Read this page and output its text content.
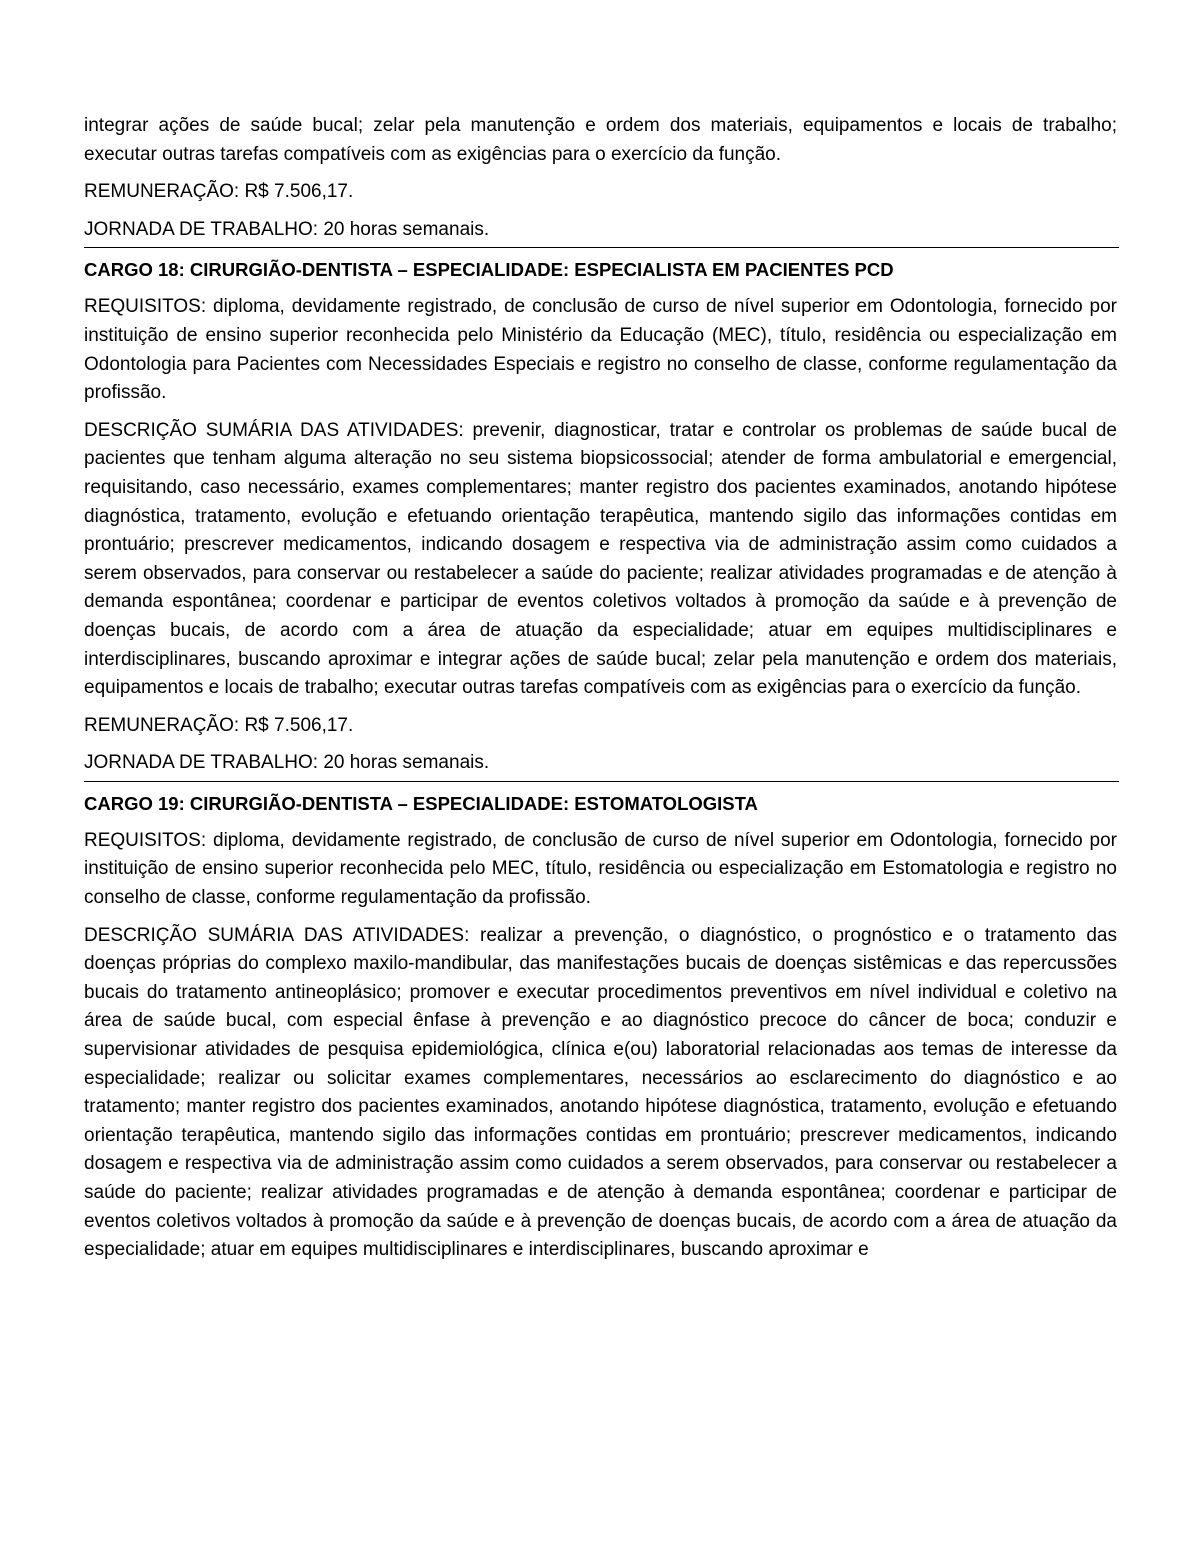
integrar ações de saúde bucal; zelar pela manutenção e ordem dos materiais, equipamentos e locais de trabalho; executar outras tarefas compatíveis com as exigências para o exercício da função.

REMUNERAÇÃO: R$ 7.506,17.

JORNADA DE TRABALHO: 20 horas semanais.

CARGO 18: CIRURGIÃO-DENTISTA – ESPECIALIDADE: ESPECIALISTA EM PACIENTES PCD

REQUISITOS: diploma, devidamente registrado, de conclusão de curso de nível superior em Odontologia, fornecido por instituição de ensino superior reconhecida pelo Ministério da Educação (MEC), título, residência ou especialização em Odontologia para Pacientes com Necessidades Especiais e registro no conselho de classe, conforme regulamentação da profissão.

DESCRIÇÃO SUMÁRIA DAS ATIVIDADES: prevenir, diagnosticar, tratar e controlar os problemas de saúde bucal de pacientes que tenham alguma alteração no seu sistema biopsicossocial; atender de forma ambulatorial e emergencial, requisitando, caso necessário, exames complementares; manter registro dos pacientes examinados, anotando hipótese diagnóstica, tratamento, evolução e efetuando orientação terapêutica, mantendo sigilo das informações contidas em prontuário; prescrever medicamentos, indicando dosagem e respectiva via de administração assim como cuidados a serem observados, para conservar ou restabelecer a saúde do paciente; realizar atividades programadas e de atenção à demanda espontânea; coordenar e participar de eventos coletivos voltados à promoção da saúde e à prevenção de doenças bucais, de acordo com a área de atuação da especialidade; atuar em equipes multidisciplinares e interdisciplinares, buscando aproximar e integrar ações de saúde bucal; zelar pela manutenção e ordem dos materiais, equipamentos e locais de trabalho; executar outras tarefas compatíveis com as exigências para o exercício da função.

REMUNERAÇÃO: R$ 7.506,17.

JORNADA DE TRABALHO: 20 horas semanais.

CARGO 19: CIRURGIÃO-DENTISTA – ESPECIALIDADE: ESTOMATOLOGISTA

REQUISITOS: diploma, devidamente registrado, de conclusão de curso de nível superior em Odontologia, fornecido por instituição de ensino superior reconhecida pelo MEC, título, residência ou especialização em Estomatologia e registro no conselho de classe, conforme regulamentação da profissão.

DESCRIÇÃO SUMÁRIA DAS ATIVIDADES: realizar a prevenção, o diagnóstico, o prognóstico e o tratamento das doenças próprias do complexo maxilo-mandibular, das manifestações bucais de doenças sistêmicas e das repercussões bucais do tratamento antineoplásico; promover e executar procedimentos preventivos em nível individual e coletivo na área de saúde bucal, com especial ênfase à prevenção e ao diagnóstico precoce do câncer de boca; conduzir e supervisionar atividades de pesquisa epidemiológica, clínica e(ou) laboratorial relacionadas aos temas de interesse da especialidade; realizar ou solicitar exames complementares, necessários ao esclarecimento do diagnóstico e ao tratamento; manter registro dos pacientes examinados, anotando hipótese diagnóstica, tratamento, evolução e efetuando orientação terapêutica, mantendo sigilo das informações contidas em prontuário; prescrever medicamentos, indicando dosagem e respectiva via de administração assim como cuidados a serem observados, para conservar ou restabelecer a saúde do paciente; realizar atividades programadas e de atenção à demanda espontânea; coordenar e participar de eventos coletivos voltados à promoção da saúde e à prevenção de doenças bucais, de acordo com a área de atuação da especialidade; atuar em equipes multidisciplinares e interdisciplinares, buscando aproximar e
